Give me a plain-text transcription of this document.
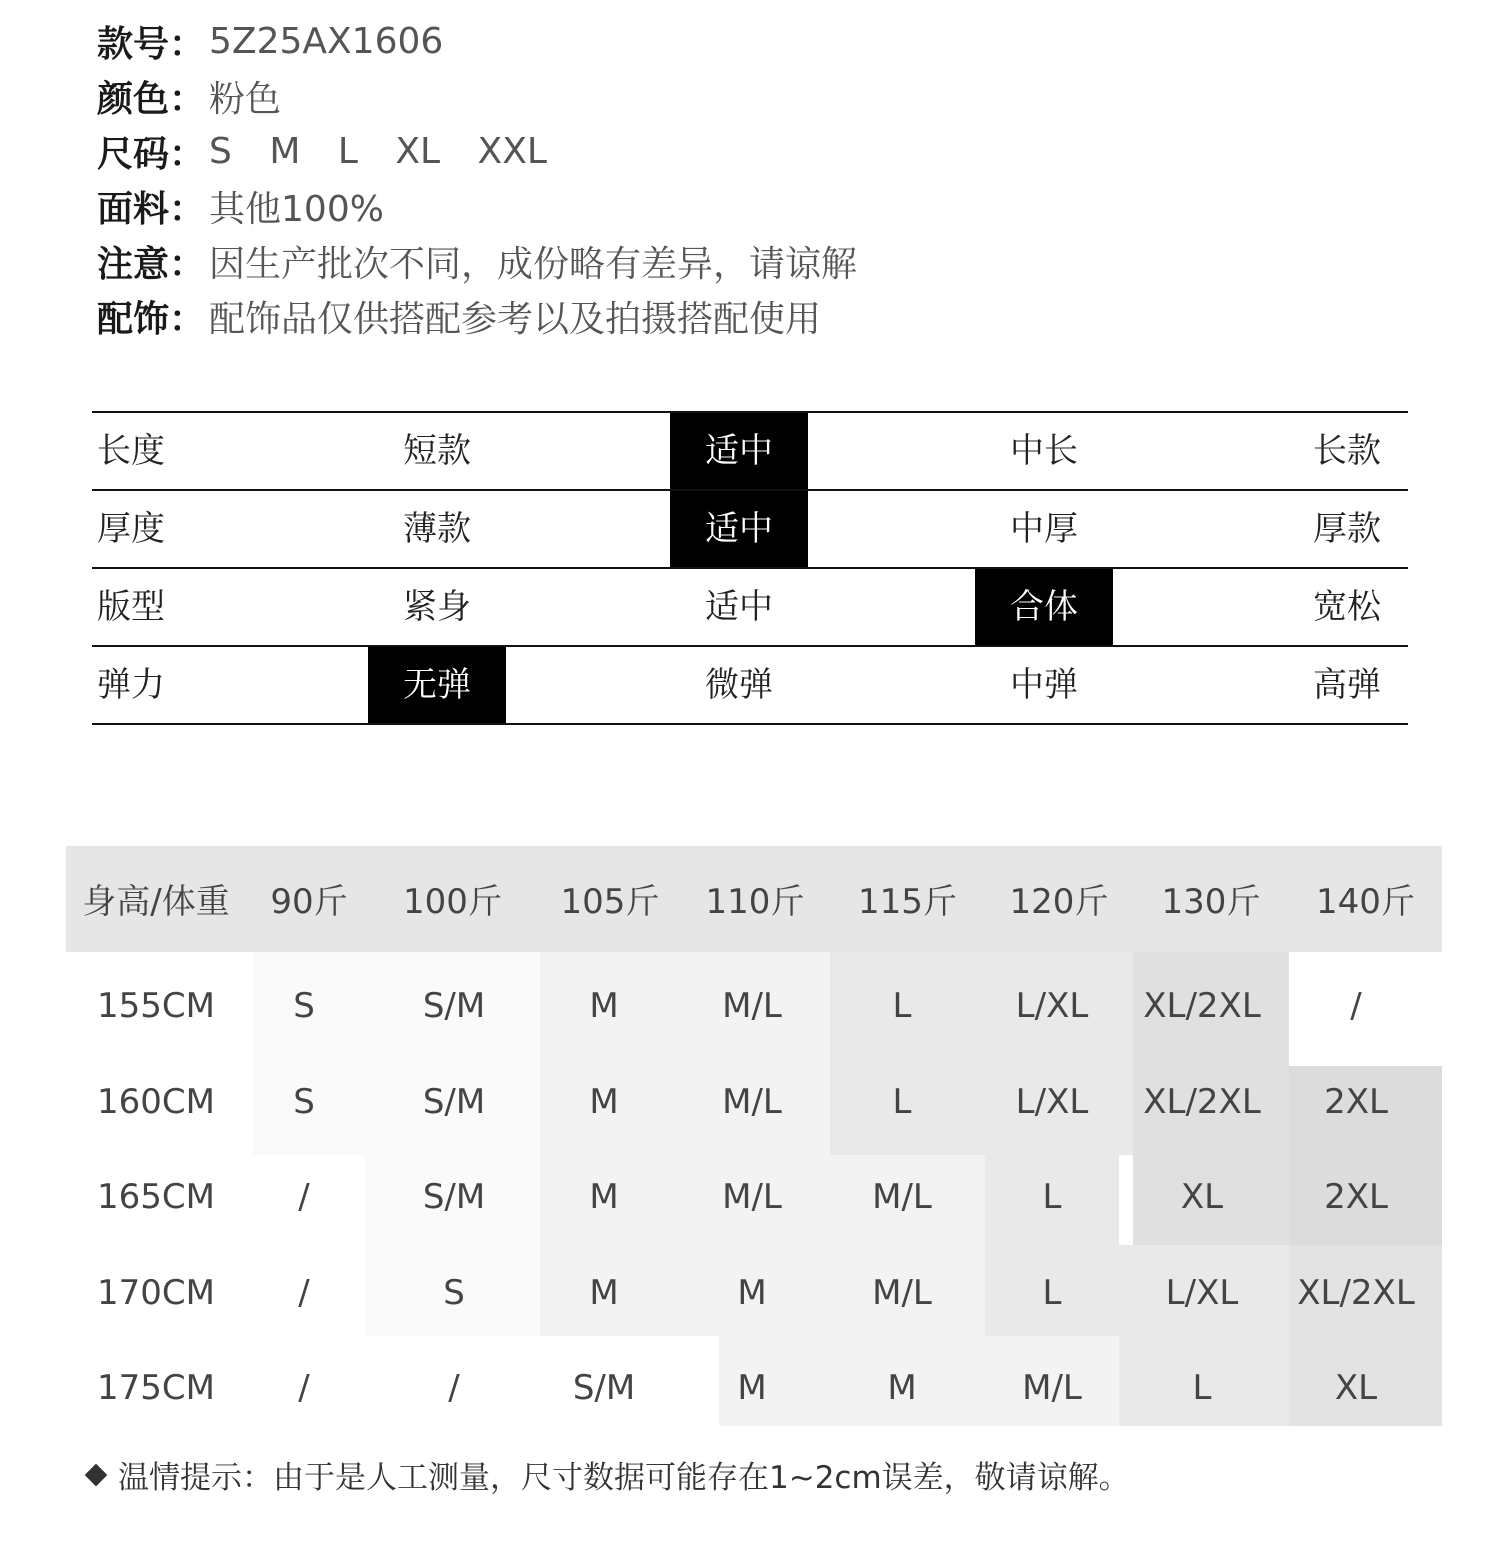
款号： 5Z25AX1606
颜色： 粉色
尺码： S M L XL XXL
面料： 其他100%
注意： 因生产批次不同，成份略有差异，请谅解
配饰： 配饰品仅供搭配参考以及拍摄搭配使用
长度	短款	适中	中长	长款
厚度	薄款	适中	中厚	厚款
版型	紧身	适中	合体	宽松
弹力	无弹	微弹	中弹	高弹
身高/体重	90斤	100斤	105斤	110斤	115斤	120斤	130斤	140斤
155CM	S	S/M	M	M/L	L	L/XL	XL/2XL	/
160CM	S	S/M	M	M/L	L	L/XL	XL/2XL	2XL
165CM	/	S/M	M	M/L	M/L	L	XL	2XL
170CM	/	S	M	M	M/L	L	L/XL	XL/2XL
175CM	/	/	S/M	M	M	M/L	L	XL
温情提示：由于是人工测量，尺寸数据可能存在1~2cm误差，敬请谅解。
